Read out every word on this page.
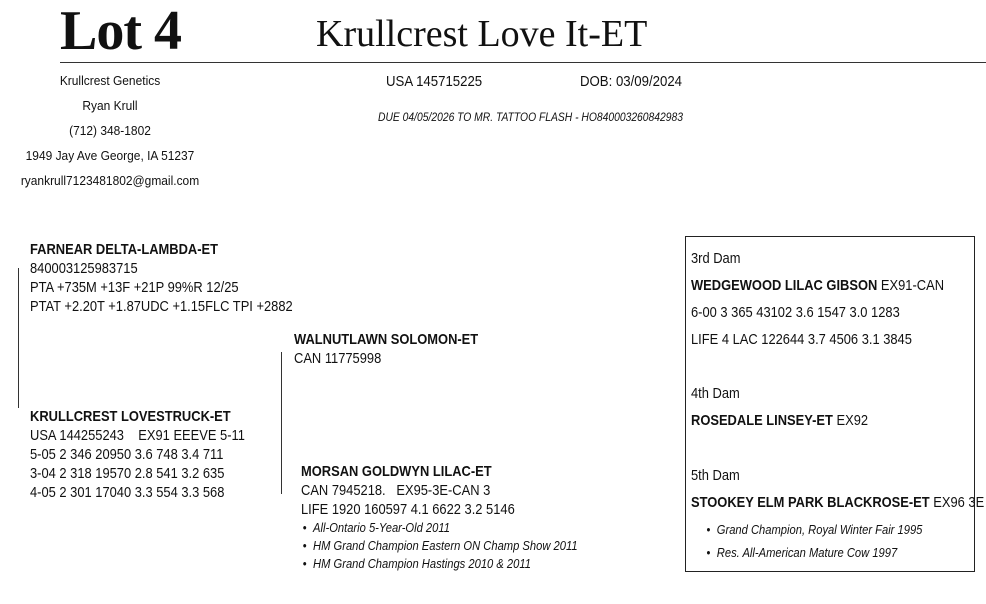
Lot 4	Krullcrest Love It-ET
Krullcrest Genetics
Ryan Krull
(712) 348-1802
1949 Jay Ave George, IA 51237
ryankrull7123481802@gmail.com
USA 145715225	DOB: 03/09/2024
DUE 04/05/2026 TO MR. TATTOO FLASH - HO840003260842983
FARNEAR DELTA-LAMBDA-ET
840003125983715
PTA +735M +13F +21P 99%R 12/25
PTAT +2.20T +1.87UDC +1.15FLC TPI +2882
KRULLCREST LOVESTRUCK-ET
USA 144255243    EX91 EEEVE 5-11
5-05 2 346 20950 3.6 748 3.4 711
3-04 2 318 19570 2.8 541 3.2 635
4-05 2 301 17040 3.3 554 3.3 568
WALNUTLAWN SOLOMON-ET
CAN 11775998
MORSAN GOLDWYN LILAC-ET
CAN 7945218.   EX95-3E-CAN 3
LIFE 1920 160597 4.1 6622 3.2 5146
• All-Ontario 5-Year-Old 2011
• HM Grand Champion Eastern ON Champ Show 2011
• HM Grand Champion Hastings 2010 & 2011
3rd Dam
WEDGEWOOD LILAC GIBSON EX91-CAN
6-00 3 365 43102 3.6 1547 3.0 1283
LIFE 4 LAC 122644 3.7 4506 3.1 3845
4th Dam
ROSEDALE LINSEY-ET EX92
5th Dam
STOOKEY ELM PARK BLACKROSE-ET EX96 3E
• Grand Champion, Royal Winter Fair 1995
• Res. All-American Mature Cow 1997
